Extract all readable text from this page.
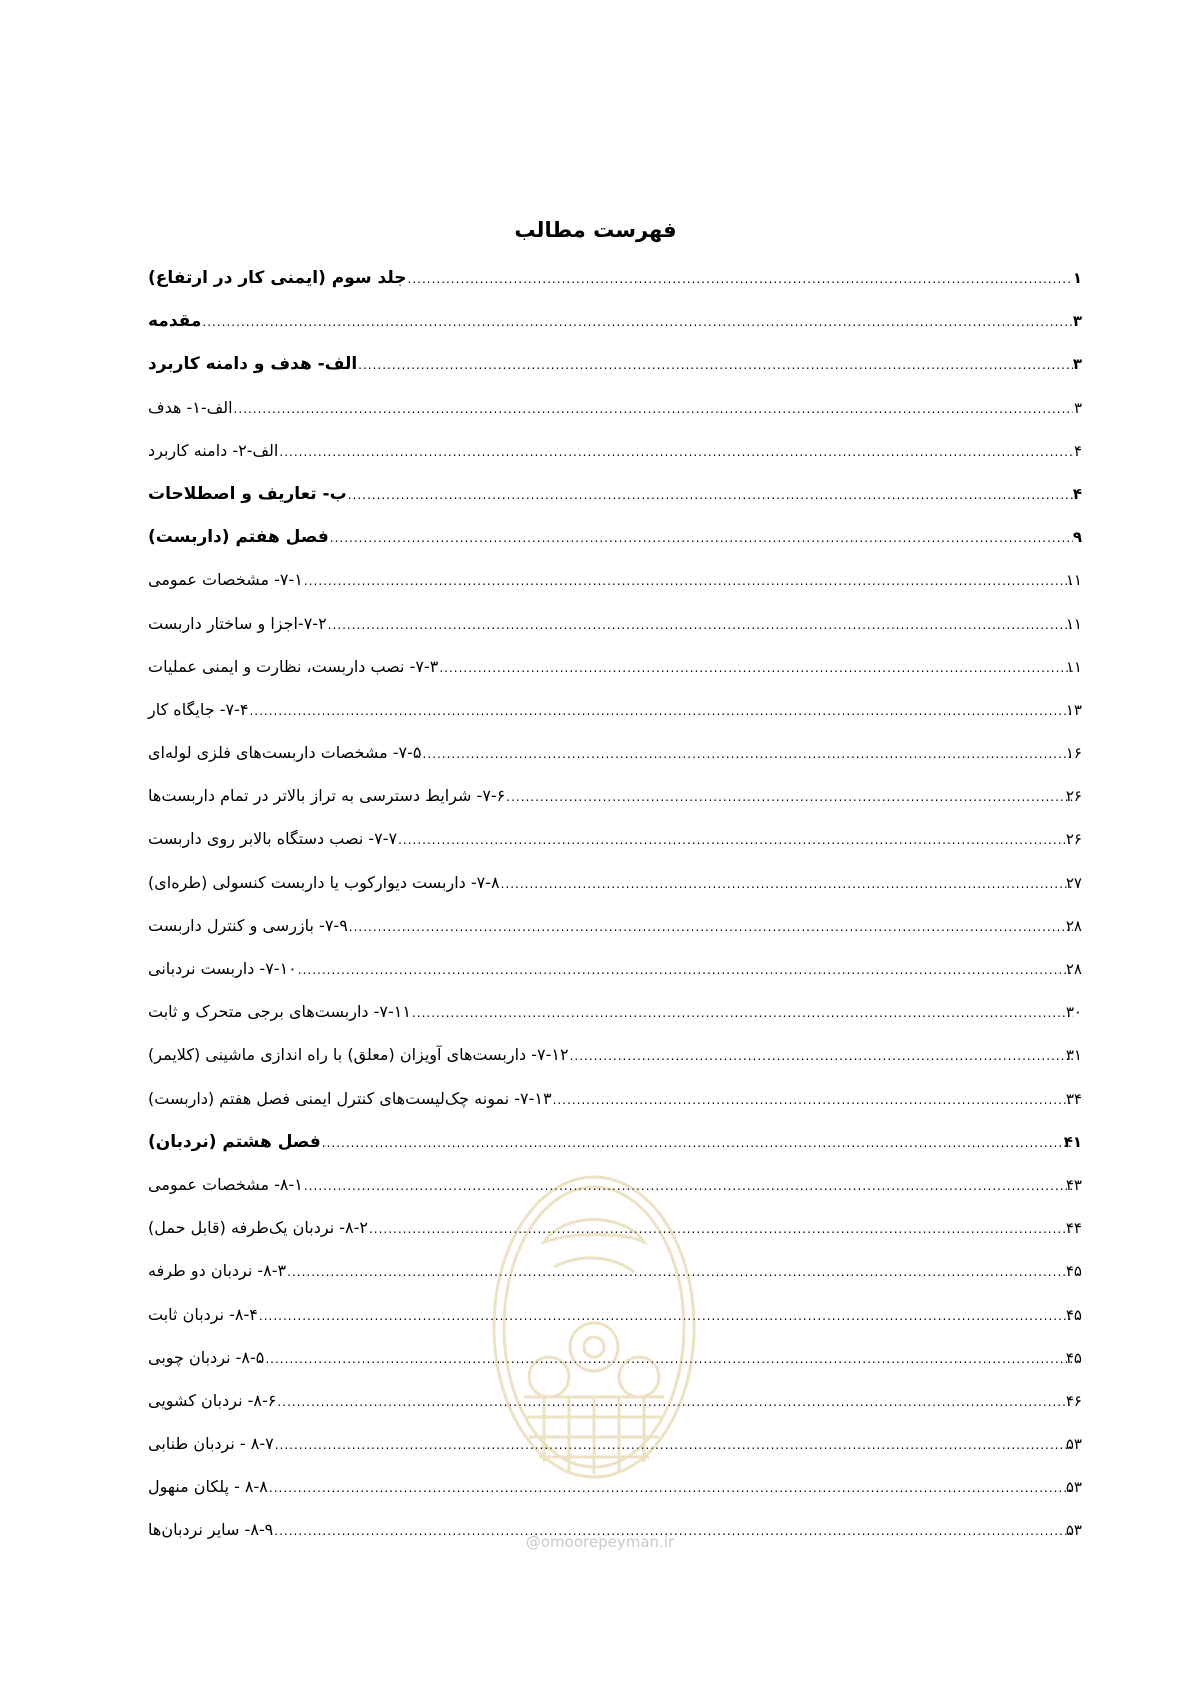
فهرست مطالب
جلد سوم (ایمنی کار در ارتفاع) .....	۱
مقدمه .....	۳
الف- هدف و دامنه کاربرد .....	۳
الف-۱- هدف .....	۳
الف-۲- دامنه کاربرد .....	۴
ب- تعاریف و اصطلاحات .....	۴
فصل هفتم (داربست) .....	۹
۷-۱- مشخصات عمومی .....	۱۱
۷-۲-اجزا و ساختار داربست .....	۱۱
۷-۳- نصب داربست، نظارت و ایمنی عملیات .....	۱۱
۷-۴- جایگاه کار .....	۱۳
۷-۵- مشخصات داربست‌های فلزی لوله‌ای .....	۱۶
۷-۶- شرایط دسترسی به تراز بالاتر در تمام داربست‌ها .....	۲۶
۷-۷- نصب دستگاه بالابر روی داربست .....	۲۶
۷-۸- داربست دیوارکوب یا داربست کنسولی (طره‌ای) .....	۲۷
۷-۹- بازرسی و کنترل داربست .....	۲۸
۷-۱۰- داربست نردبانی .....	۲۸
۷-۱۱- داربست‌های برجی متحرک و ثابت .....	۳۰
۷-۱۲- داربست‌های آویزان (معلق) با راه اندازی ماشینی (کلایمر) .....	۳۱
۷-۱۳- نمونه چک‌لیست‌های کنترل ایمنی فصل هفتم (داربست) .....	۳۴
فصل هشتم (نردبان) .....	۴۱
۸-۱- مشخصات عمومی .....	۴۳
۸-۲- نردبان یک‌طرفه (قابل حمل) .....	۴۴
۸-۳- نردبان دو طرفه .....	۴۵
۸-۴- نردبان ثابت .....	۴۵
۸-۵- نردبان چوبی .....	۴۵
۸-۶- نردبان کشویی .....	۴۶
۸-۷ - نردبان طنابی .....	۵۳
۸-۸ - پلکان منهول .....	۵۳
۸-۹- سایر نردبان‌ها .....	۵۳
@omoorepeyman.ir
